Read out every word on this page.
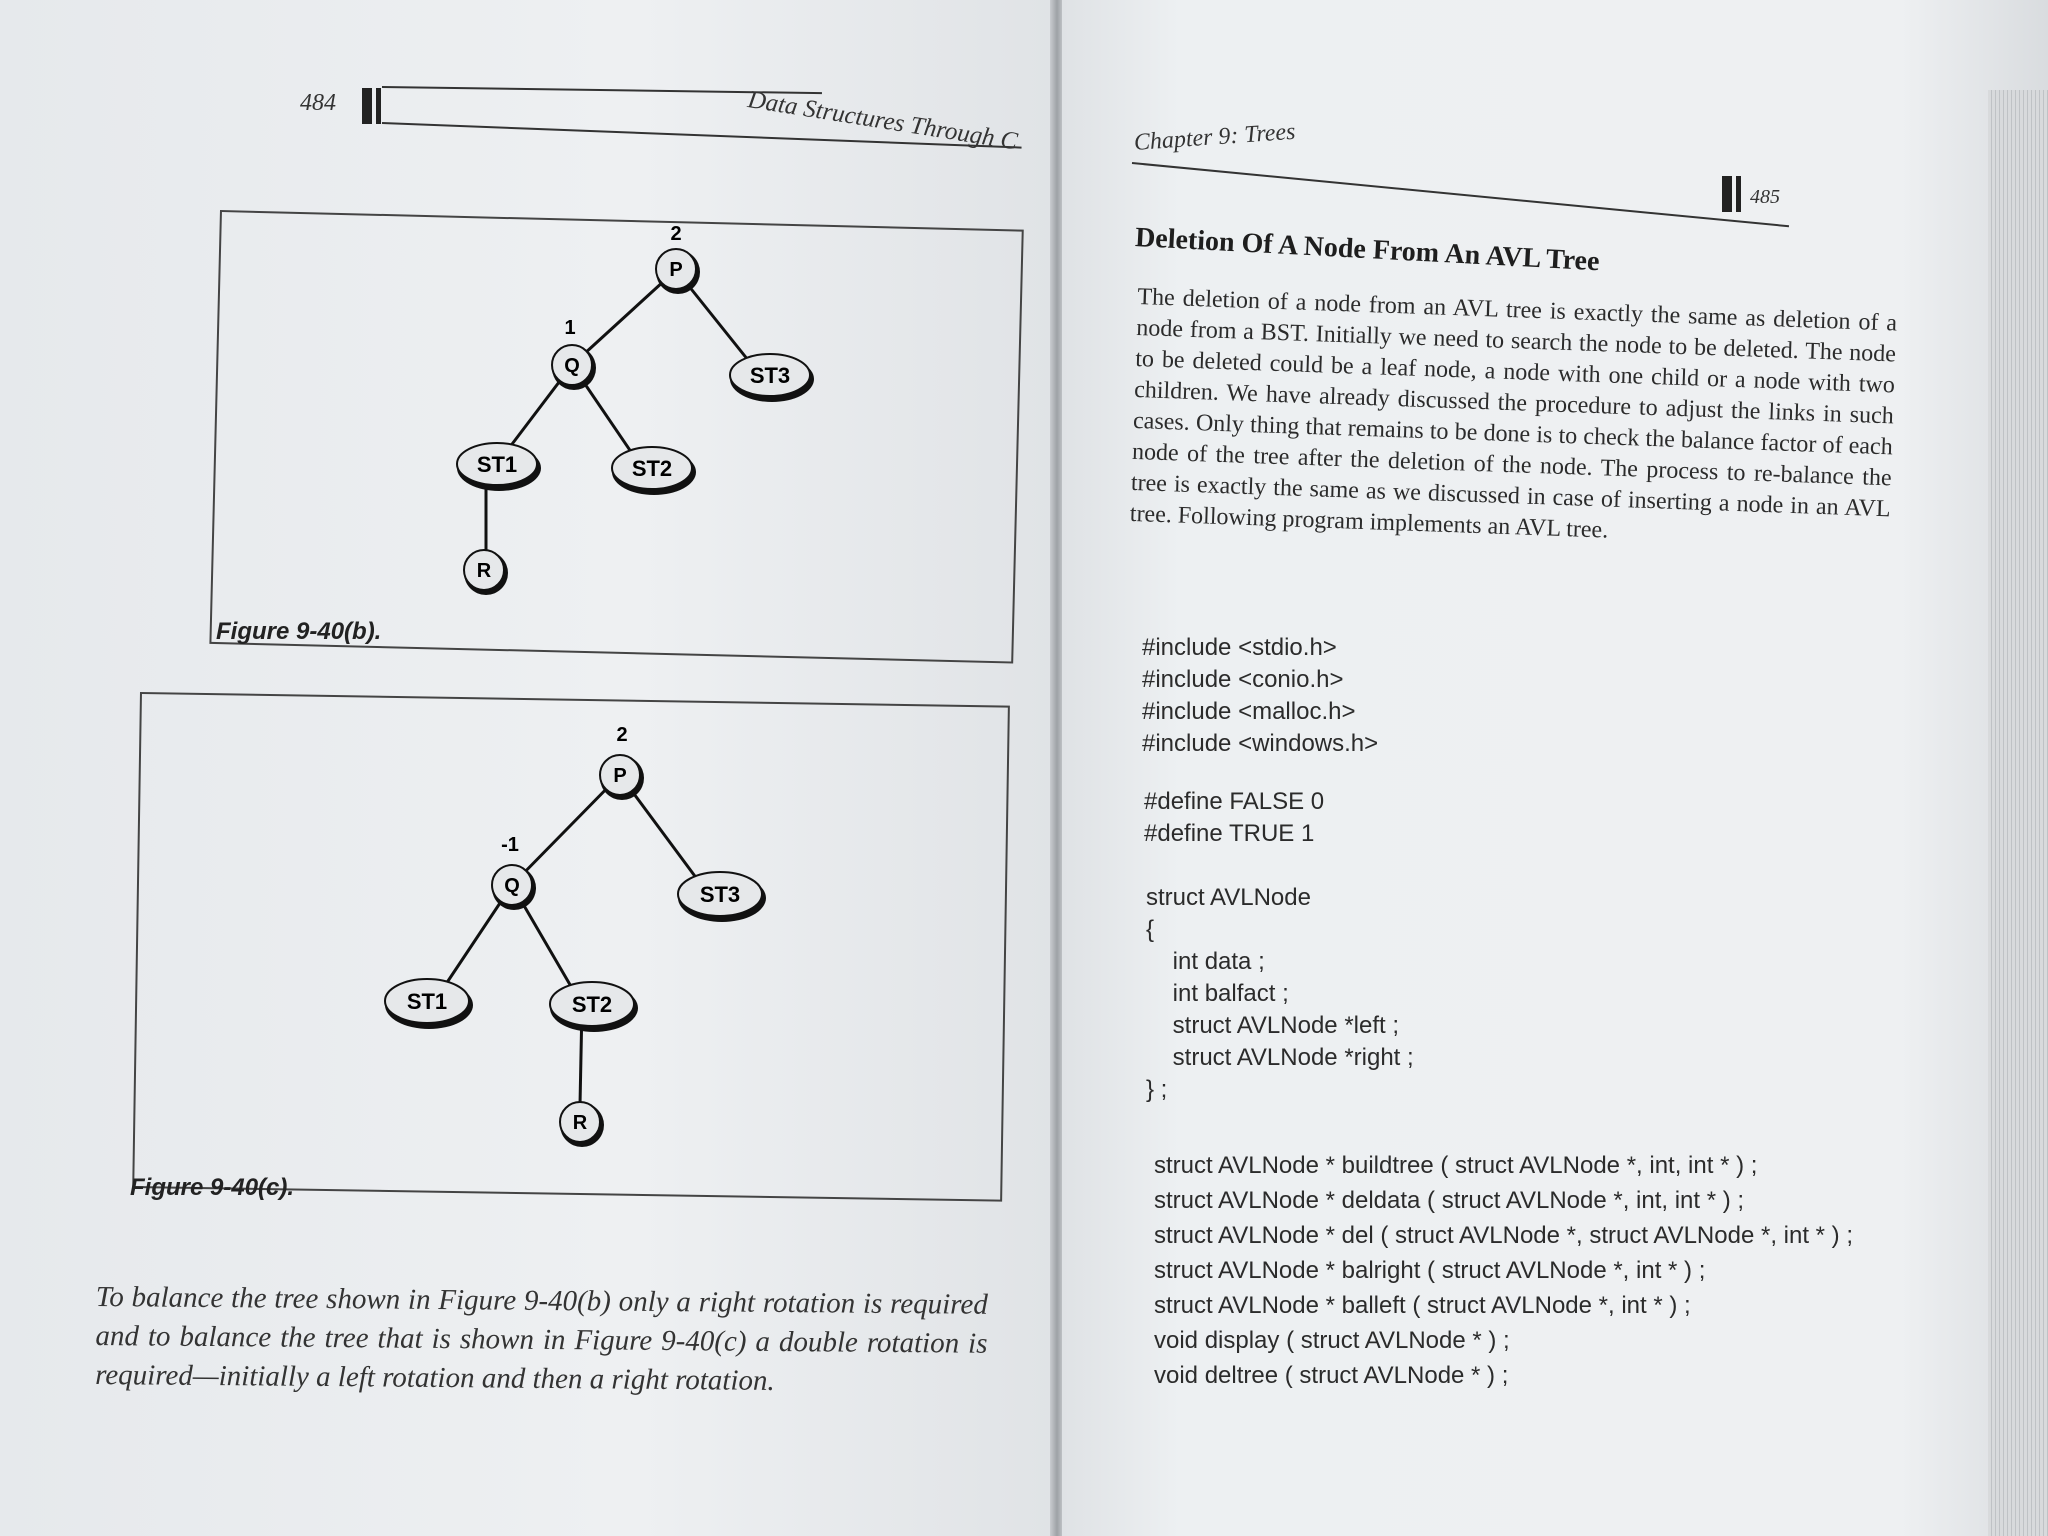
484	Data Structures Through C
2
1
P
Q	ST3
ST1	ST2
R
Figure 9-40(b).
2
-1
P
Q	ST3
ST1	ST2
R
Figure 9-40(c).
To balance the tree shown in Figure 9-40(b) only a right rotation is required and to balance the tree that is shown in Figure 9-40(c) a double rotation is required—initially a left rotation and then a right rotation.
Chapter 9: Trees
485
Deletion Of A Node From An AVL Tree
The deletion of a node from an AVL tree is exactly the same as deletion of a node from a BST. Initially we need to search the node to be deleted. The node to be deleted could be a leaf node, a node with one child or a node with two children. We have already discussed the procedure to adjust the links in such cases. Only thing that remains to be done is to check the balance factor of each node of the tree after the deletion of the node. The process to re-balance the tree is exactly the same as we discussed in case of inserting a node in an AVL tree. Following program implements an AVL tree.
#include <stdio.h>
#include <conio.h>
#include <malloc.h>
#include <windows.h>
#define FALSE 0
#define TRUE 1
struct AVLNode
{
int data ;
int balfact ;
struct AVLNode *left ;
struct AVLNode *right ;
} ;
struct AVLNode * buildtree ( struct AVLNode *, int, int * ) ;
struct AVLNode * deldata ( struct AVLNode *, int, int * ) ;
struct AVLNode * del ( struct AVLNode *, struct AVLNode *, int * ) ;
struct AVLNode * balright ( struct AVLNode *, int * ) ;
struct AVLNode * balleft ( struct AVLNode *, int * ) ;
void display ( struct AVLNode * ) ;
void deltree ( struct AVLNode * ) ;
